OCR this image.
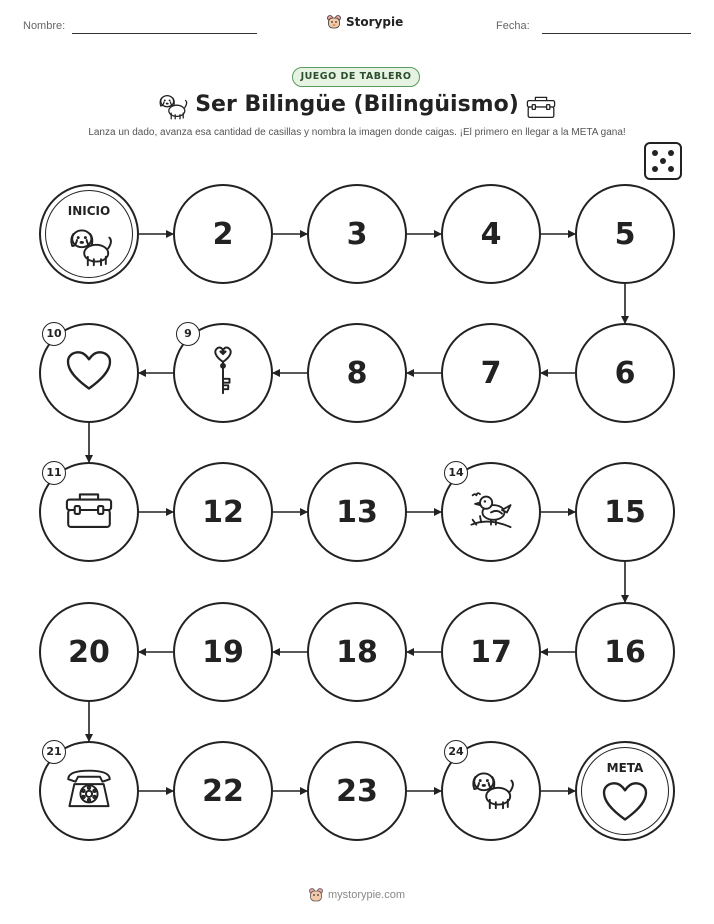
Nombre:	Storypie	Fecha:
JUEGO DE TABLERO
Ser Bilingüe (Bilingüismo)
Lanza un dado, avanza esa cantidad de casillas y nombra la imagen donde caigas. ¡El primero en llegar a la META gana!
INICIO
2	3	4	5
6
7
8
9
10
11
12	13
14
15
16
17
18
19
20
21
22	23
24
META
mystorypie.com
